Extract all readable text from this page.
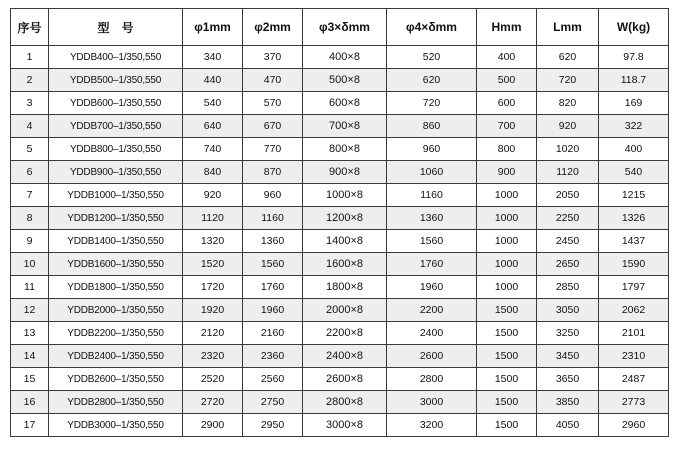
序号	型　号	φ1mm	φ2mm	φ3×δmm	φ4×δmm	Hmm	Lmm	W(kg)
1	YDDB400–1/350,550	340	370	400×8	520	400	620	97.8
2	YDDB500–1/350,550	440	470	500×8	620	500	720	118.7
3	YDDB600–1/350,550	540	570	600×8	720	600	820	169
4	YDDB700–1/350,550	640	670	700×8	860	700	920	322
5	YDDB800–1/350,550	740	770	800×8	960	800	1020	400
6	YDDB900–1/350,550	840	870	900×8	1060	900	1120	540
7	YDDB1000–1/350,550	920	960	1000×8	1160	1000	2050	1215
8	YDDB1200–1/350,550	1120	1160	1200×8	1360	1000	2250	1326
9	YDDB1400–1/350,550	1320	1360	1400×8	1560	1000	2450	1437
10	YDDB1600–1/350,550	1520	1560	1600×8	1760	1000	2650	1590
11	YDDB1800–1/350,550	1720	1760	1800×8	1960	1000	2850	1797
12	YDDB2000–1/350,550	1920	1960	2000×8	2200	1500	3050	2062
13	YDDB2200–1/350,550	2120	2160	2200×8	2400	1500	3250	2101
14	YDDB2400–1/350,550	2320	2360	2400×8	2600	1500	3450	2310
15	YDDB2600–1/350,550	2520	2560	2600×8	2800	1500	3650	2487
16	YDDB2800–1/350,550	2720	2750	2800×8	3000	1500	3850	2773
17	YDDB3000–1/350,550	2900	2950	3000×8	3200	1500	4050	2960
